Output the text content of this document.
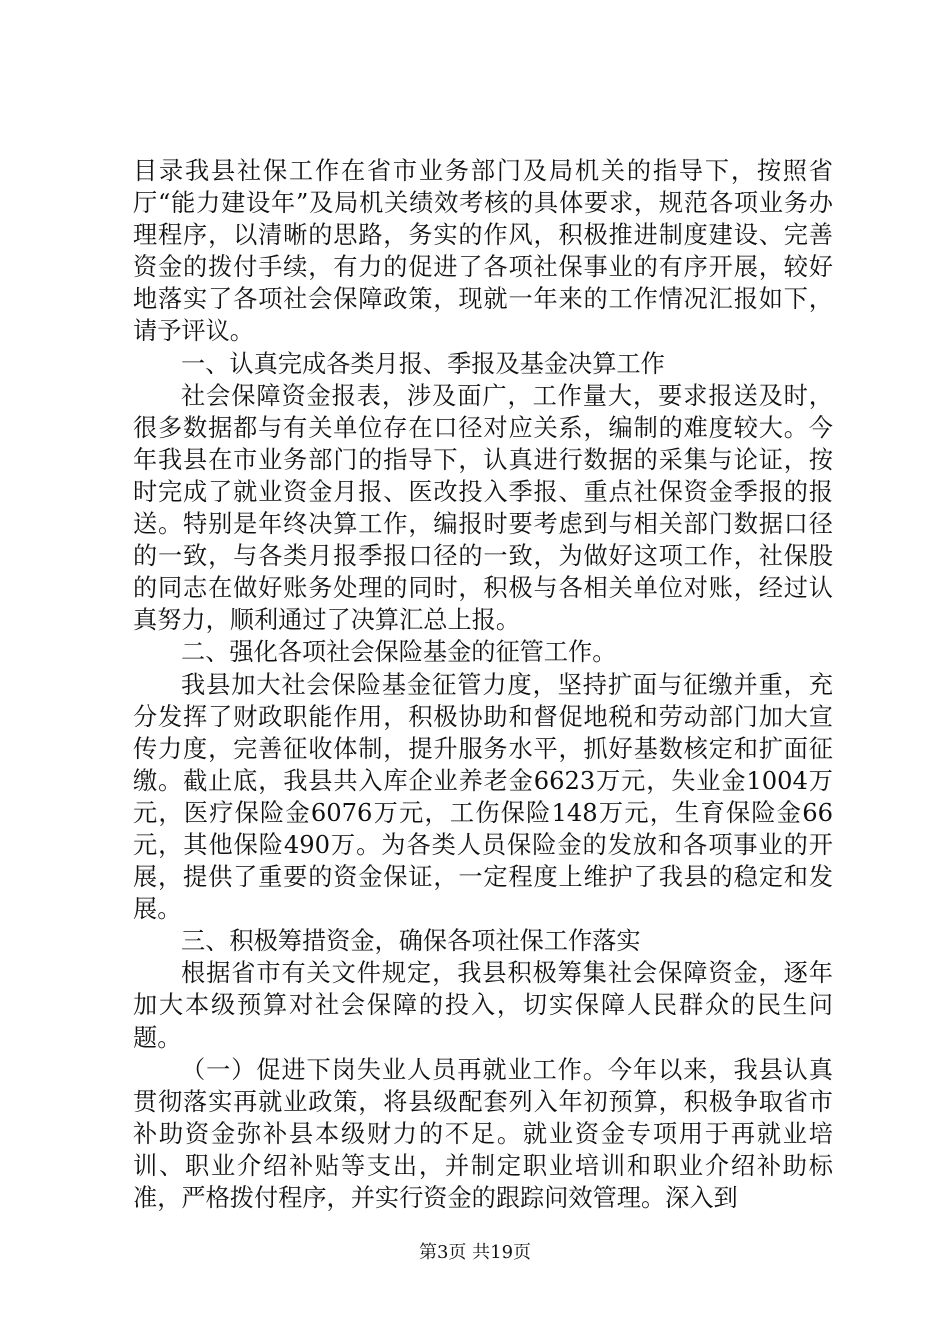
目录我县社保工作在省市业务部门及局机关的指导下，按照省厅“能力建设年”及局机关绩效考核的具体要求，规范各项业务办理程序，以清晰的思路，务实的作风，积极推进制度建设、完善资金的拨付手续，有力的促进了各项社保事业的有序开展，较好地落实了各项社会保障政策，现就一年来的工作情况汇报如下，请予评议。

一、认真完成各类月报、季报及基金决算工作

社会保障资金报表，涉及面广，工作量大，要求报送及时，很多数据都与有关单位存在口径对应关系，编制的难度较大。今年我县在市业务部门的指导下，认真进行数据的采集与论证，按时完成了就业资金月报、医改投入季报、重点社保资金季报的报送。特别是年终决算工作，编报时要考虑到与相关部门数据口径的一致，与各类月报季报口径的一致，为做好这项工作，社保股的同志在做好账务处理的同时，积极与各相关单位对账，经过认真努力，顺利通过了决算汇总上报。

二、强化各项社会保险基金的征管工作。

我县加大社会保险基金征管力度，坚持扩面与征缴并重，充分发挥了财政职能作用，积极协助和督促地税和劳动部门加大宣传力度，完善征收体制，提升服务水平，抓好基数核定和扩面征缴。截止底，我县共入库企业养老金6623万元，失业金1004万元，医疗保险金6076万元，工伤保险148万元，生育保险金66元，其他保险490万。为各类人员保险金的发放和各项事业的开展，提供了重要的资金保证，一定程度上维护了我县的稳定和发展。

三、积极筹措资金，确保各项社保工作落实

根据省市有关文件规定，我县积极筹集社会保障资金，逐年加大本级预算对社会保障的投入，切实保障人民群众的民生问题。

（一）促进下岗失业人员再就业工作。今年以来，我县认真贯彻落实再就业政策，将县级配套列入年初预算，积极争取省市补助资金弥补县本级财力的不足。就业资金专项用于再就业培训、职业介绍补贴等支出，并制定职业培训和职业介绍补助标准，严格拨付程序，并实行资金的跟踪问效管理。深入到

第3页 共19页
